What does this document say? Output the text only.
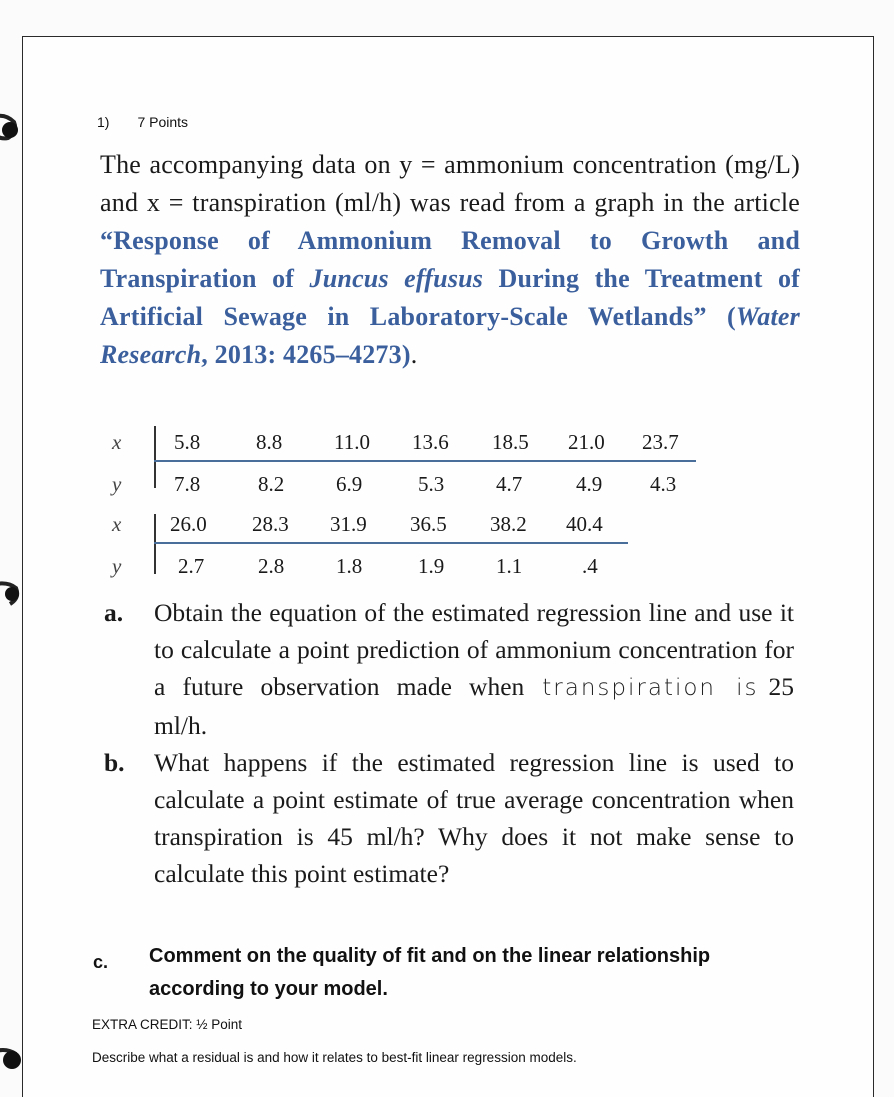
1) 7 Points
The accompanying data on y = ammonium concentration (mg/L) and x = transpiration (ml/h) was read from a graph in the article “Response of Ammonium Removal to Growth and Transpiration of Juncus effusus During the Treatment of Artificial Sewage in Laboratory-Scale Wetlands” (Water Research, 2013: 4265–4273).
x	5.8	8.8 11.0 13.6 18.5 21.0 23.7
y	7.8	8.2 6.9	5.3 4.7	4.9 4.3
x 26.0 28.3 31.9 36.5 38.2 40.4
y	2.7	2.8 1.8	1.9 1.1	.4
a. Obtain the equation of the estimated regression line and use it to calculate a point prediction of ammonium concentration for a future observation made when transpiration is 25 ml/h.
b. What happens if the estimated regression line is used to calculate a point estimate of true average concentration when transpiration is 45 ml/h? Why does it not make sense to calculate this point estimate?
c. Comment on the quality of fit and on the linear relationship according to your model.
EXTRA CREDIT: ½ Point
Describe what a residual is and how it relates to best-fit linear regression models.
